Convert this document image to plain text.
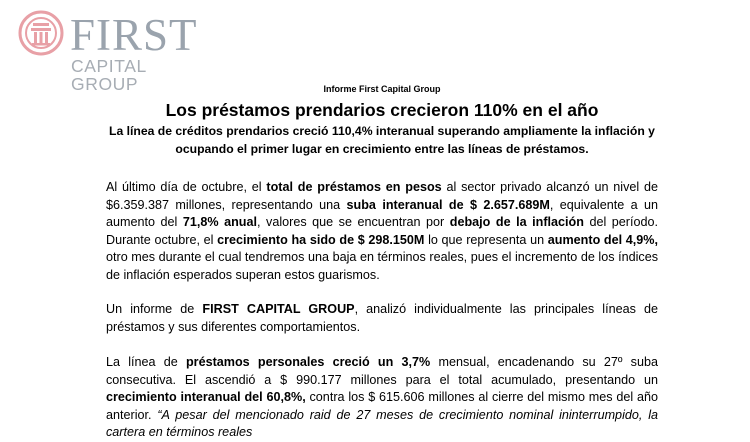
FIRST
CAPITAL GROUP	Informe First Capital Group
Los préstamos prendarios crecieron 110% en el año
La línea de créditos prendarios creció 110,4% interanual superando ampliamente la inflación y ocupando el primer lugar en crecimiento entre las líneas de préstamos.

Al último día de octubre, el total de préstamos en pesos al sector privado alcanzó un nivel de $6.359.387 millones, representando una suba interanual de $ 2.657.689M, equivalente a un aumento del 71,8% anual, valores que se encuentran por debajo de la inflación del período. Durante octubre, el crecimiento ha sido de $ 298.150M lo que representa un aumento del 4,9%, otro mes durante el cual tendremos una baja en términos reales, pues el incremento de los índices de inflación esperados superan estos guarismos.

Un informe de FIRST CAPITAL GROUP, analizó individualmente las principales líneas de préstamos y sus diferentes comportamientos.

La línea de préstamos personales creció un 3,7% mensual, encadenando su 27º suba consecutiva. El ascendió a $ 990.177 millones para el total acumulado, presentando un crecimiento interanual del 60,8%, contra los $ 615.606 millones al cierre del mismo mes del año anterior. “A pesar del mencionado raid de 27 meses de crecimiento nominal ininterrumpido, la cartera en términos reales
